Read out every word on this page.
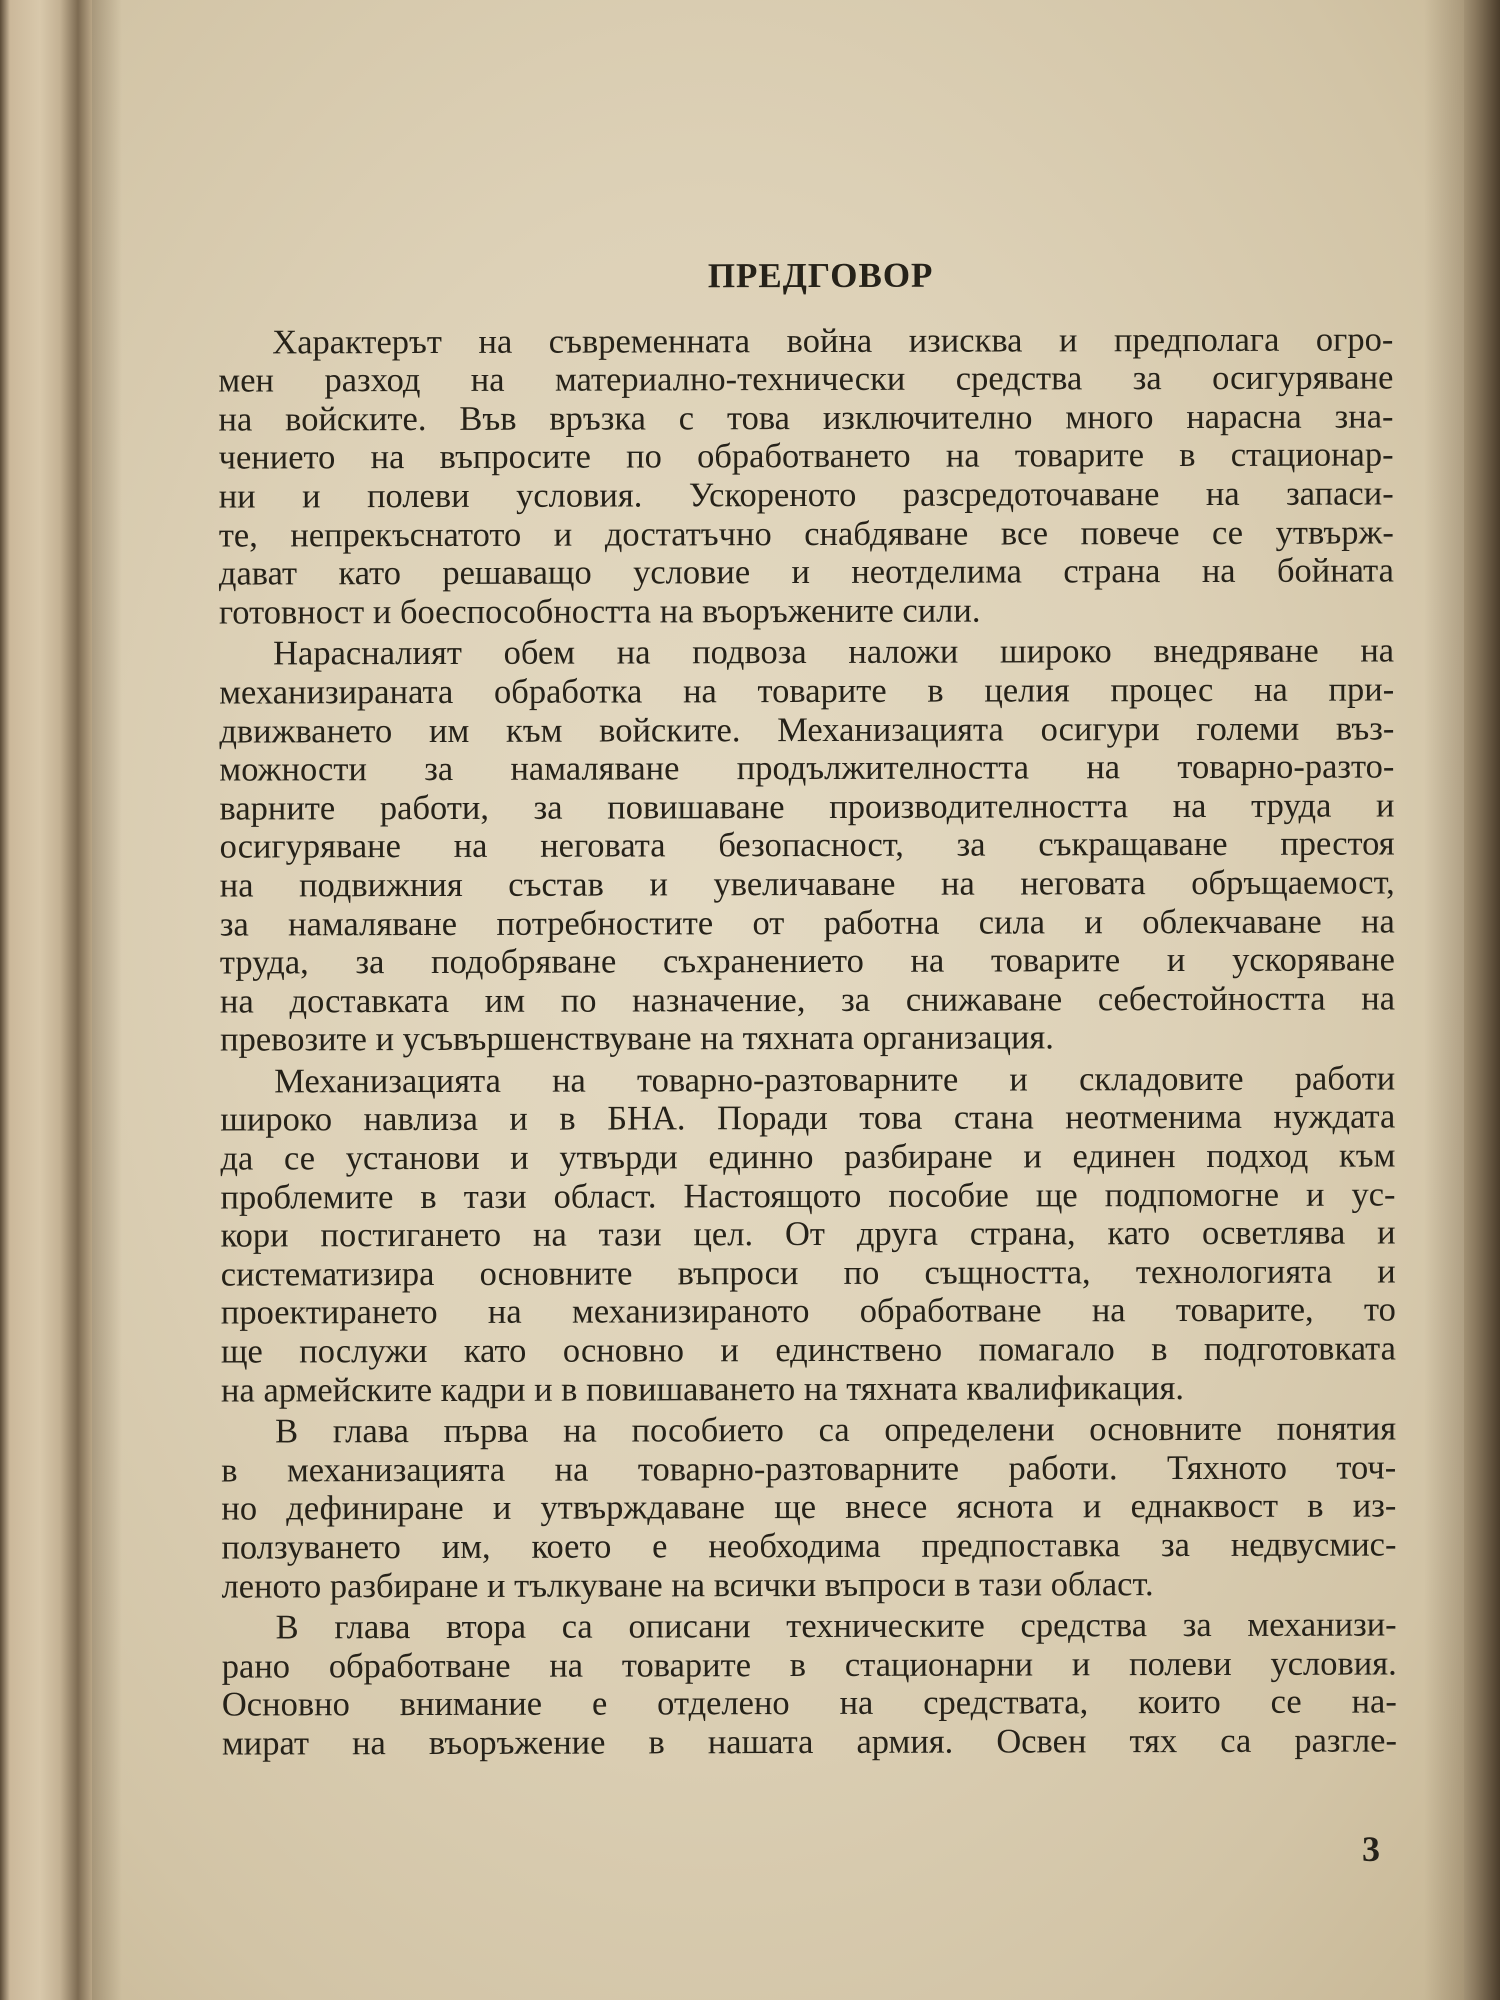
ПРЕДГОВОР
Характерът на съвременната война изисква и предполага огро-
мен разход на материално-технически средства за осигуряване
на войските. Във връзка с това изключително много нараснa зна-
чението на въпросите по обработването на товарите в стационар-
ни и полеви условия. Ускореното разсредоточаване на запаси-
те, непрекъснатото и достатъчно снабдяване все повече се утвърж-
дават като решаващо условие и неотделима страна на бойната
готовност и боеспособността на въоръжените сили.
Нарасналият обем на подвоза наложи широко внедряване на
механизираната обработка на товарите в целия процес на при-
движването им към войските. Механизацията осигури големи въз-
можности за намаляване продължителността на товарно-разто-
варните работи, за повишаване производителността на труда и
осигуряване на неговата безопасност, за съкращаване престоя
на подвижния състав и увеличаване на неговата обръщаемост,
за намаляване потребностите от работна сила и облекчаване на
труда, за подобряване съхранението на товарите и ускоряване
на доставката им по назначение, за снижаване себестойността на
превозите и усъвършенствуване на тяхната организация.
Механизацията на товарно-разтоварните и складовите работи
широко навлиза и в БНА. Поради това стана неотменима нуждата
да се установи и утвърди единно разбиране и единен подход към
проблемите в тази област. Настоящото пособие ще подпомогне и ус-
кори постигането на тази цел. От друга страна, като осветлява и
систематизира основните въпроси по същността, технологията и
проектирането на механизираното обработване на товарите, то
ще послужи като основно и единствено помагало в подготовката
на армейските кадри и в повишаването на тяхната квалификация.
В глава първа на пособието са определени основните понятия
в механизацията на товарно-разтоварните работи. Тяхното точ-
но дефиниране и утвърждаване ще внесе яснота и еднаквост в из-
ползуването им, което е необходима предпоставка за недвусмис-
леното разбиране и тълкуване на всички въпроси в тази област.
В глава втора са описани техническите средства за механизи-
рано обработване на товарите в стационарни и полеви условия.
Основно внимание е отделено на средствата, които се на-
мират на въоръжение в нашата армия. Освен тях са разгле-
3
